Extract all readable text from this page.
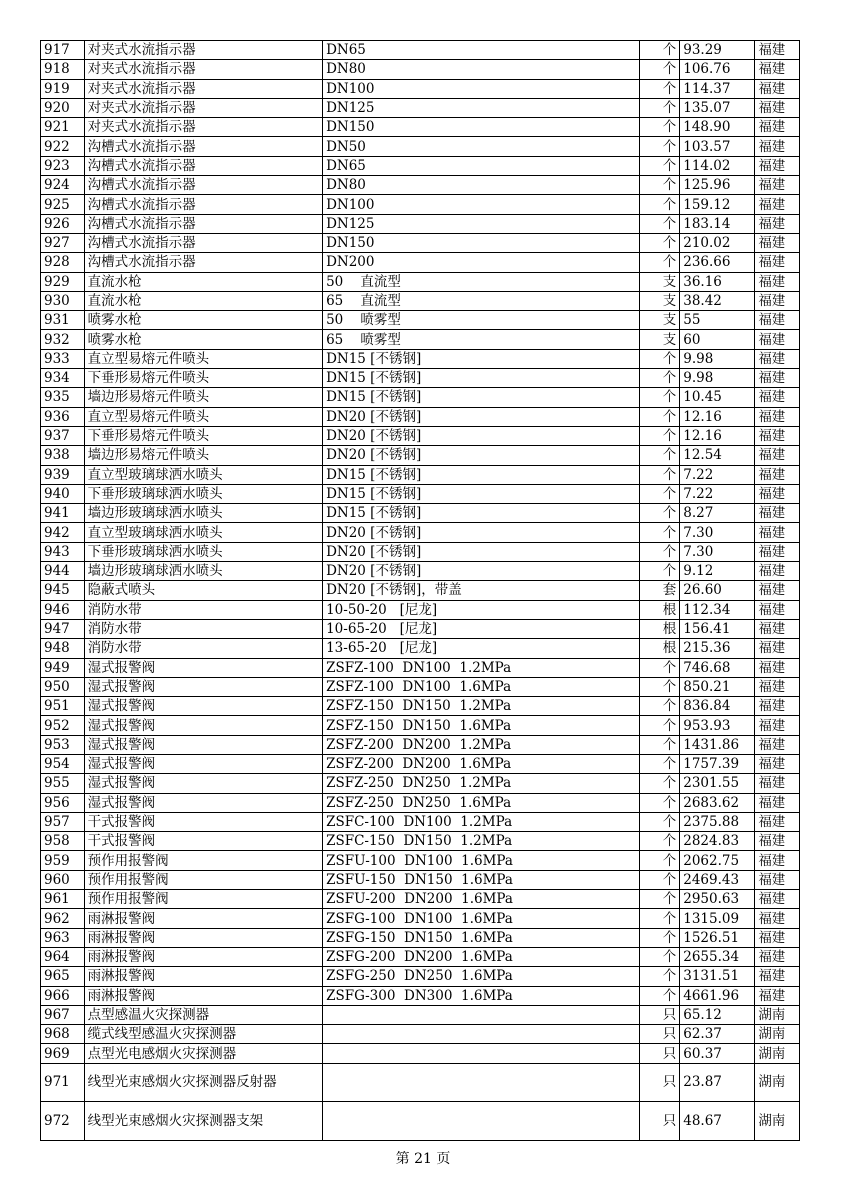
917	对夹式水流指示器	DN65	个	93.29	福建
918	对夹式水流指示器	DN80	个	106.76	福建
919	对夹式水流指示器	DN100	个	114.37	福建
920	对夹式水流指示器	DN125	个	135.07	福建
921	对夹式水流指示器	DN150	个	148.90	福建
922	沟槽式水流指示器	DN50	个	103.57	福建
923	沟槽式水流指示器	DN65	个	114.02	福建
924	沟槽式水流指示器	DN80	个	125.96	福建
925	沟槽式水流指示器	DN100	个	159.12	福建
926	沟槽式水流指示器	DN125	个	183.14	福建
927	沟槽式水流指示器	DN150	个	210.02	福建
928	沟槽式水流指示器	DN200	个	236.66	福建
929	直流水枪	50    直流型	支	36.16	福建
930	直流水枪	65    直流型	支	38.42	福建
931	喷雾水枪	50    喷雾型	支	55	福建
932	喷雾水枪	65    喷雾型	支	60	福建
933	直立型易熔元件喷头	DN15 [不锈钢]	个	9.98	福建
934	下垂形易熔元件喷头	DN15 [不锈钢]	个	9.98	福建
935	墙边形易熔元件喷头	DN15 [不锈钢]	个	10.45	福建
936	直立型易熔元件喷头	DN20 [不锈钢]	个	12.16	福建
937	下垂形易熔元件喷头	DN20 [不锈钢]	个	12.16	福建
938	墙边形易熔元件喷头	DN20 [不锈钢]	个	12.54	福建
939	直立型玻璃球洒水喷头	DN15 [不锈钢]	个	7.22	福建
940	下垂形玻璃球洒水喷头	DN15 [不锈钢]	个	7.22	福建
941	墙边形玻璃球洒水喷头	DN15 [不锈钢]	个	8.27	福建
942	直立型玻璃球洒水喷头	DN20 [不锈钢]	个	7.30	福建
943	下垂形玻璃球洒水喷头	DN20 [不锈钢]	个	7.30	福建
944	墙边形玻璃球洒水喷头	DN20 [不锈钢]	个	9.12	福建
945	隐蔽式喷头	DN20 [不锈钢]，带盖	套	26.60	福建
946	消防水带	10-50-20   [尼龙]	根	112.34	福建
947	消防水带	10-65-20   [尼龙]	根	156.41	福建
948	消防水带	13-65-20   [尼龙]	根	215.36	福建
949	湿式报警阀	ZSFZ-100  DN100  1.2MPa	个	746.68	福建
950	湿式报警阀	ZSFZ-100  DN100  1.6MPa	个	850.21	福建
951	湿式报警阀	ZSFZ-150  DN150  1.2MPa	个	836.84	福建
952	湿式报警阀	ZSFZ-150  DN150  1.6MPa	个	953.93	福建
953	湿式报警阀	ZSFZ-200  DN200  1.2MPa	个	1431.86	福建
954	湿式报警阀	ZSFZ-200  DN200  1.6MPa	个	1757.39	福建
955	湿式报警阀	ZSFZ-250  DN250  1.2MPa	个	2301.55	福建
956	湿式报警阀	ZSFZ-250  DN250  1.6MPa	个	2683.62	福建
957	干式报警阀	ZSFC-100  DN100  1.2MPa	个	2375.88	福建
958	干式报警阀	ZSFC-150  DN150  1.2MPa	个	2824.83	福建
959	预作用报警阀	ZSFU-100  DN100  1.6MPa	个	2062.75	福建
960	预作用报警阀	ZSFU-150  DN150  1.6MPa	个	2469.43	福建
961	预作用报警阀	ZSFU-200  DN200  1.6MPa	个	2950.63	福建
962	雨淋报警阀	ZSFG-100  DN100  1.6MPa	个	1315.09	福建
963	雨淋报警阀	ZSFG-150  DN150  1.6MPa	个	1526.51	福建
964	雨淋报警阀	ZSFG-200  DN200  1.6MPa	个	2655.34	福建
965	雨淋报警阀	ZSFG-250  DN250  1.6MPa	个	3131.51	福建
966	雨淋报警阀	ZSFG-300  DN300  1.6MPa	个	4661.96	福建
967	点型感温火灾探测器		只	65.12	湖南
968	缆式线型感温火灾探测器		只	62.37	湖南
969	点型光电感烟火灾探测器		只	60.37	湖南
971	线型光束感烟火灾探测器反射器		只	23.87	湖南
972	线型光束感烟火灾探测器支架		只	48.67	湖南
第 21 页
